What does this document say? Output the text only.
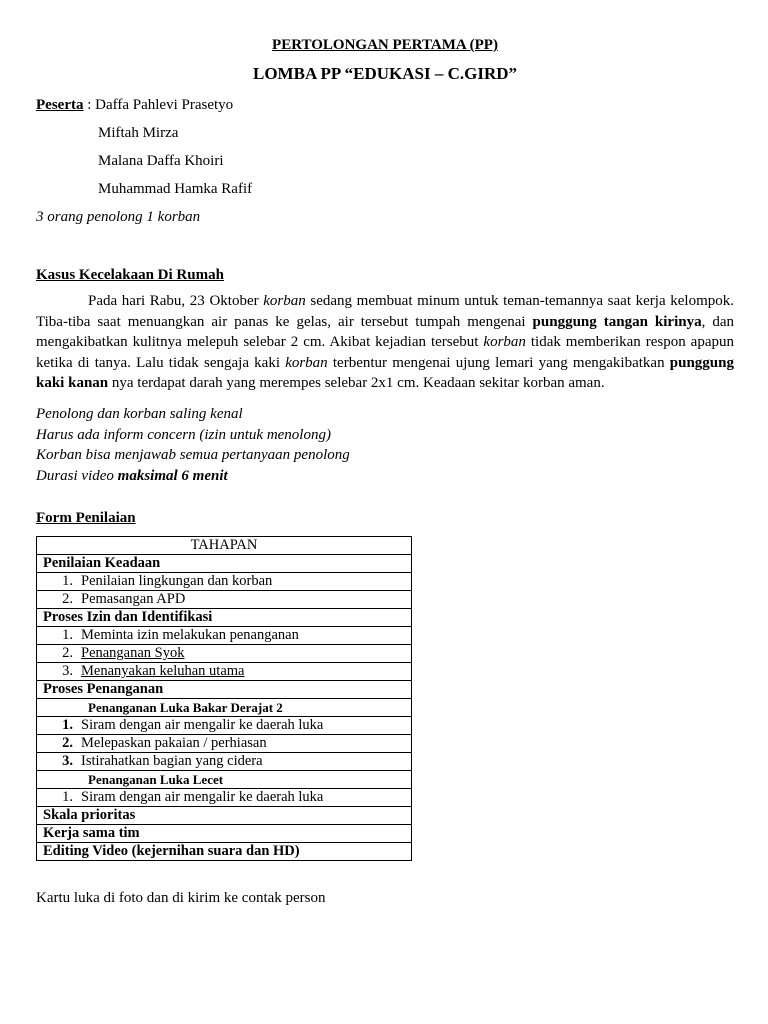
PERTOLONGAN PERTAMA (PP)
LOMBA PP “EDUKASI – C.GIRD”
Peserta : Daffa Pahlevi Prasetyo
Miftah Mirza
Malana Daffa Khoiri
Muhammad Hamka Rafif
3 orang penolong 1 korban
Kasus Kecelakaan Di Rumah
Pada hari Rabu, 23 Oktober korban sedang membuat minum untuk teman-temannya saat kerja kelompok. Tiba-tiba saat menuangkan air panas ke gelas, air tersebut tumpah mengenai punggung tangan kirinya, dan mengakibatkan kulitnya melepuh selebar 2 cm. Akibat kejadian tersebut korban tidak memberikan respon apapun ketika di tanya. Lalu tidak sengaja kaki korban terbentur mengenai ujung lemari yang mengakibatkan punggung kaki kanan nya terdapat darah yang merempes selebar 2x1 cm. Keadaan sekitar korban aman.
Penolong dan korban saling kenal
Harus ada inform concern (izin untuk menolong)
Korban bisa menjawab semua pertanyaan penolong
Durasi video maksimal 6 menit
Form Penilaian
TAHAPAN
Penilaian Keadaan
1. Penilaian lingkungan dan korban
2. Pemasangan APD
Proses Izin dan Identifikasi
1. Meminta izin melakukan penanganan
2. Penanganan Syok
3. Menanyakan keluhan utama
Proses Penanganan
Penanganan Luka Bakar Derajat 2
1. Siram dengan air mengalir ke daerah luka
2. Melepaskan pakaian / perhiasan
3. Istirahatkan bagian yang cidera
Penanganan Luka Lecet
1. Siram dengan air mengalir ke daerah luka
Skala prioritas
Kerja sama tim
Editing Video (kejernihan suara dan HD)
Kartu luka di foto dan di kirim ke contak person
